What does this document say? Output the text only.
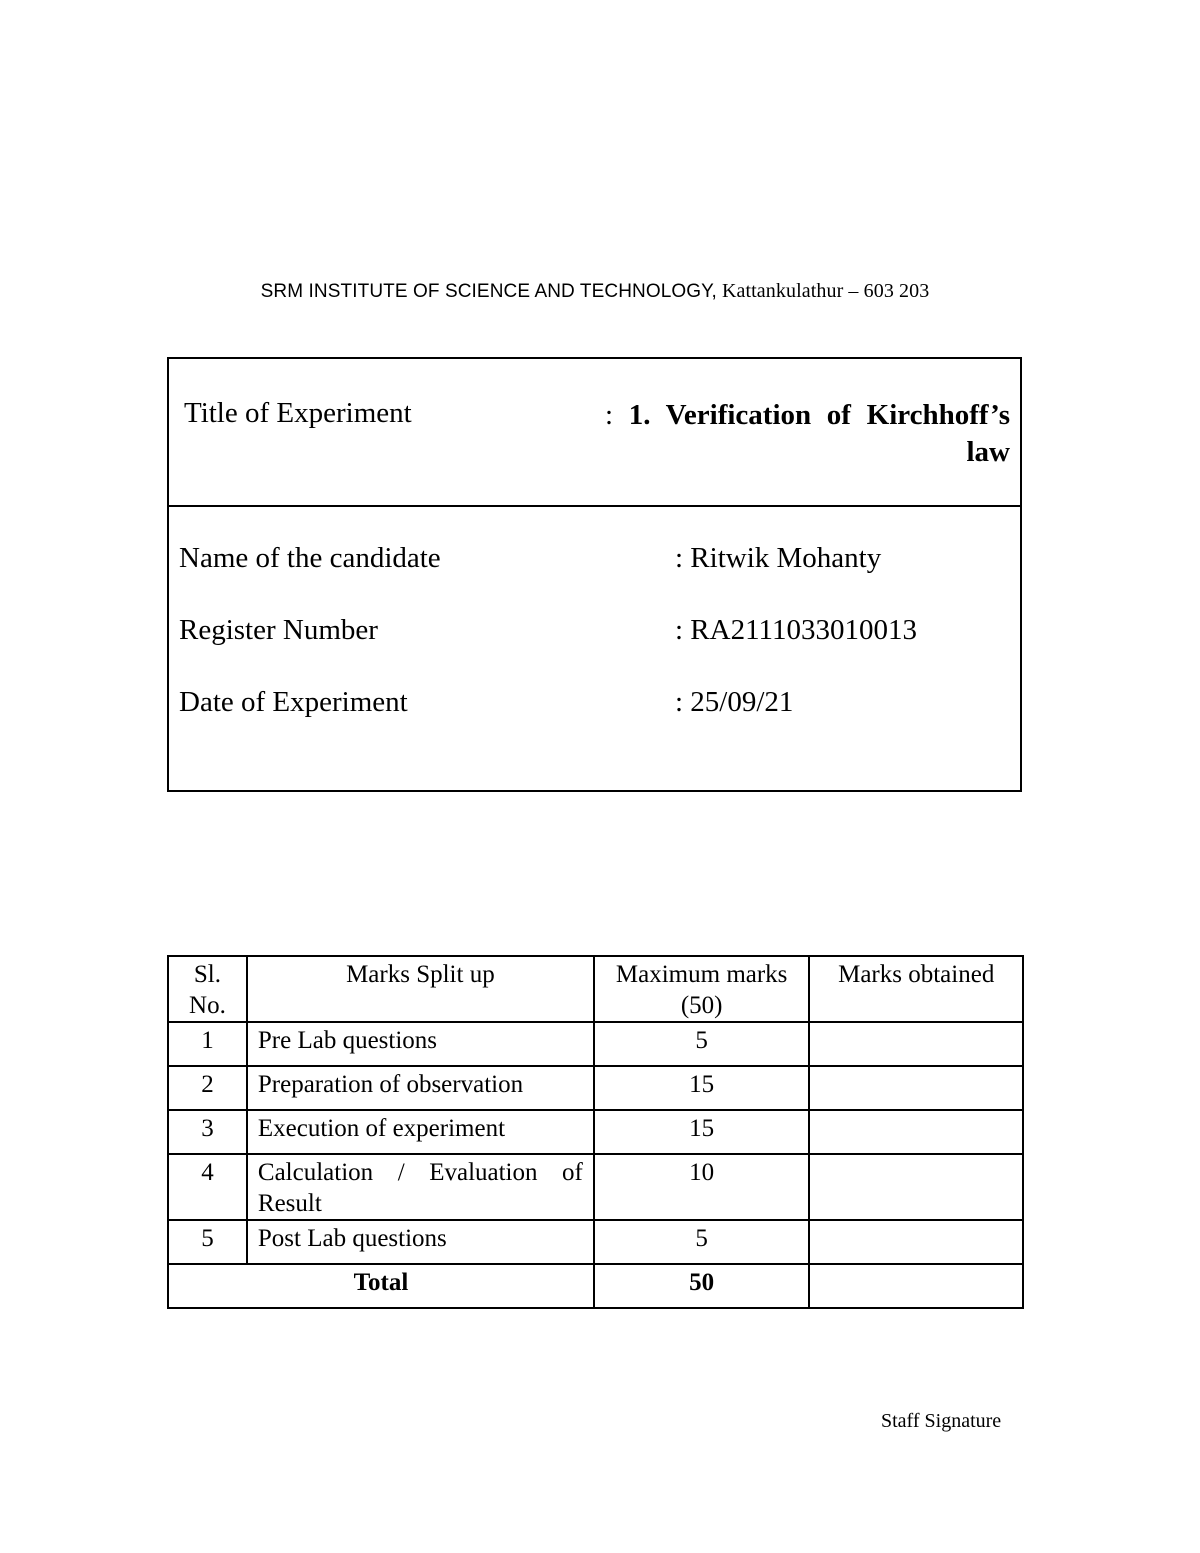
SRM INSTITUTE OF SCIENCE AND TECHNOLOGY, Kattankulathur – 603 203
Title of Experiment	: 1. Verification of Kirchhoff’s law
Name of the candidate	: Ritwik Mohanty
Register Number	: RA2111033010013
Date of Experiment	: 25/09/21
Sl. No.	Marks Split up	Maximum marks (50)	Marks obtained
1	Pre Lab questions	5	
2	Preparation of observation	15	
3	Execution of experiment	15	
4	Calculation / Evaluation of Result	10	
5	Post Lab questions	5	
Total		50	
Staff Signature
